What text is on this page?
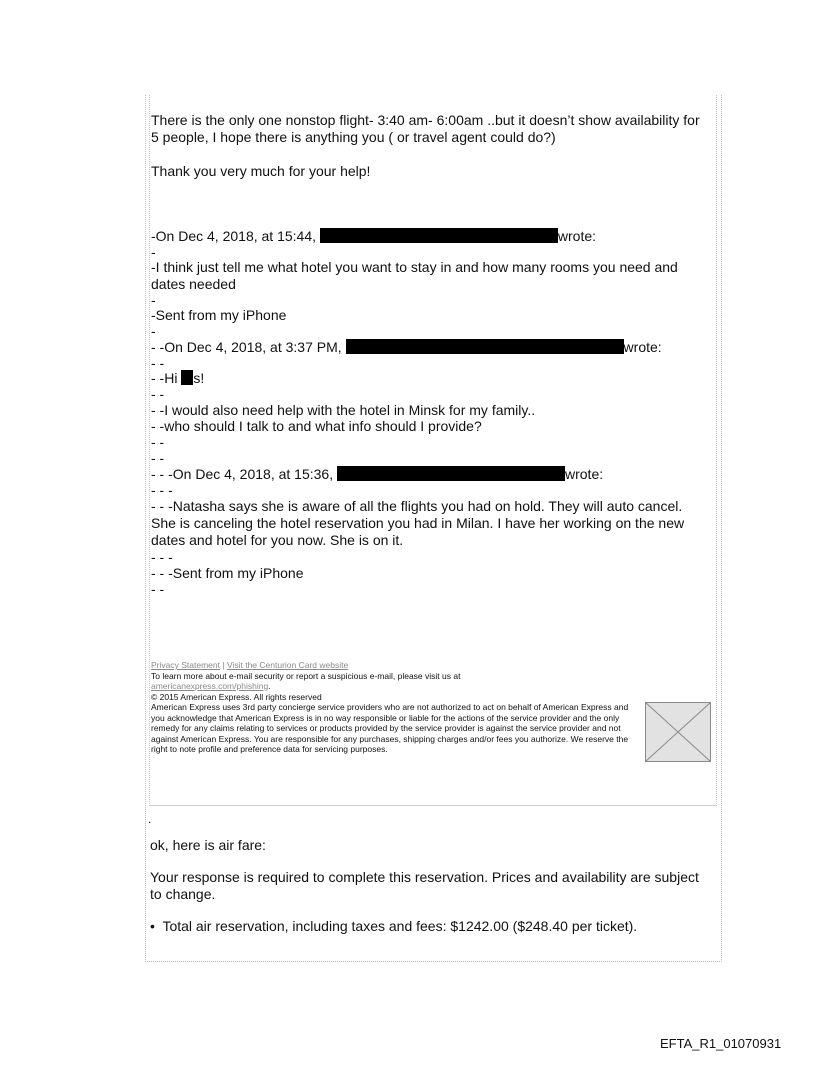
There is the only one nonstop flight- 3:40 am- 6:00am ..but it doesn’t show availability for 5 people, I hope there is anything you ( or travel agent could do?)

Thank you very much for your help!

-On Dec 4, 2018, at 15:44,	wrote:

-

-I think just tell me what hotel you want to stay in and how many rooms you need and dates needed

-

-Sent from my iPhone

-

- -On Dec 4, 2018, at 3:37 PM,	wrote:

- -

- -Hi s!

- -

- -I would also need help with the hotel in Minsk for my family..

- -who should I talk to and what info should I provide?

- -

- -

- - -On Dec 4, 2018, at 15:36,	wrote:

- - -

- - -Natasha says she is aware of all the flights you had on hold. They will auto cancel. She is canceling the hotel reservation you had in Milan. I have her working on the new dates and hotel for you now. She is on it.

- - -

- - -Sent from my iPhone

- -

Privacy Statement | Visit the Centurion Card website
To learn more about e-mail security or report a suspicious e-mail, please visit us at
americanexpress.com/phishing.
© 2015 American Express. All rights reserved
American Express uses 3rd party concierge service providers who are not authorized to act on behalf of American Express and you acknowledge that American Express is in no way responsible or liable for the actions of the service provider and the only remedy for any claims relating to services or products provided by the service provider is against the service provider and not against American Express. You are responsible for any purchases, shipping charges and/or fees you authorize. We reserve the right to note profile and preference data for servicing purposes.
.

ok, here is air fare:

Your response is required to complete this reservation. Prices and availability are subject to change.

• Total air reservation, including taxes and fees: $1242.00 ($248.40 per ticket).

EFTA_R1_01070931
